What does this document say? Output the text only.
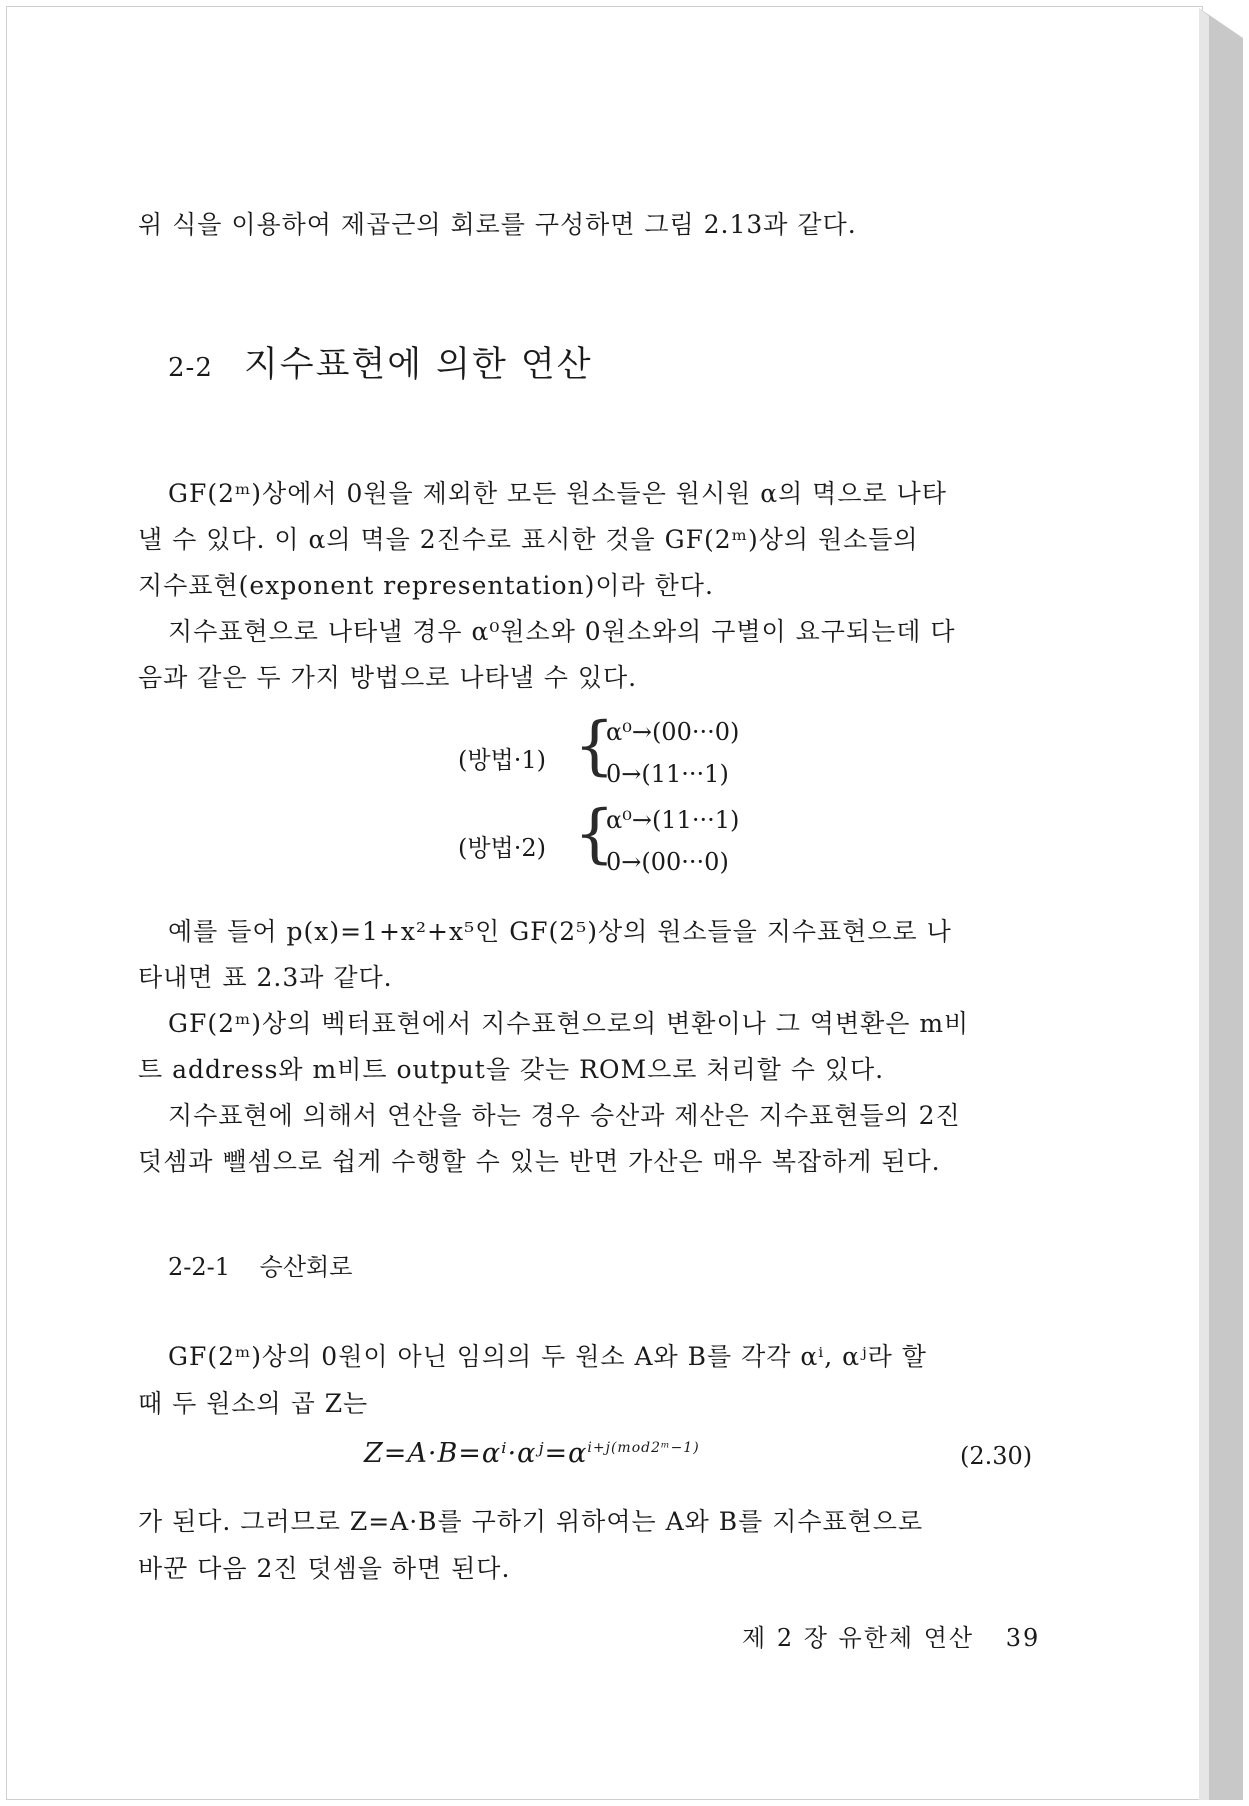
위 식을 이용하여 제곱근의 회로를 구성하면 그림 2.13과 같다.
2-2 지수표현에 의한 연산
GF(2ᵐ)상에서 0원을 제외한 모든 원소들은 원시원 α의 멱으로 나타
낼 수 있다. 이 α의 멱을 2진수로 표시한 것을 GF(2ᵐ)상의 원소들의
지수표현(exponent representation)이라 한다.
지수표현으로 나타낼 경우 α⁰원소와 0원소와의 구별이 요구되는데 다
음과 같은 두 가지 방법으로 나타낼 수 있다.
(방법·1) {
α⁰→(00···0)
0→(11···1)
(방법·2) {
α⁰→(11···1)
0→(00···0)
예를 들어 p(x)=1+x²+x⁵인 GF(2⁵)상의 원소들을 지수표현으로 나
타내면 표 2.3과 같다.
GF(2ᵐ)상의 벡터표현에서 지수표현으로의 변환이나 그 역변환은 m비
트 address와 m비트 output을 갖는 ROM으로 처리할 수 있다.
지수표현에 의해서 연산을 하는 경우 승산과 제산은 지수표현들의 2진
덧셈과 뺄셈으로 쉽게 수행할 수 있는 반면 가산은 매우 복잡하게 된다.
2-2-1 승산회로
GF(2ᵐ)상의 0원이 아닌 임의의 두 원소 A와 B를 각각 αⁱ, αʲ라 할
때 두 원소의 곱 Z는
$Z=A\cdot B=\alpha^i\cdot\alpha ʲ=\alpha^{i+j(mod2ᵐ-1)}$	(2.30)
가 된다. 그러므로 Z=A·B를 구하기 위하여는 A와 B를 지수표현으로
바꾼 다음 2진 덧셈을 하면 된다.
제 2 장 유한체 연산 39
